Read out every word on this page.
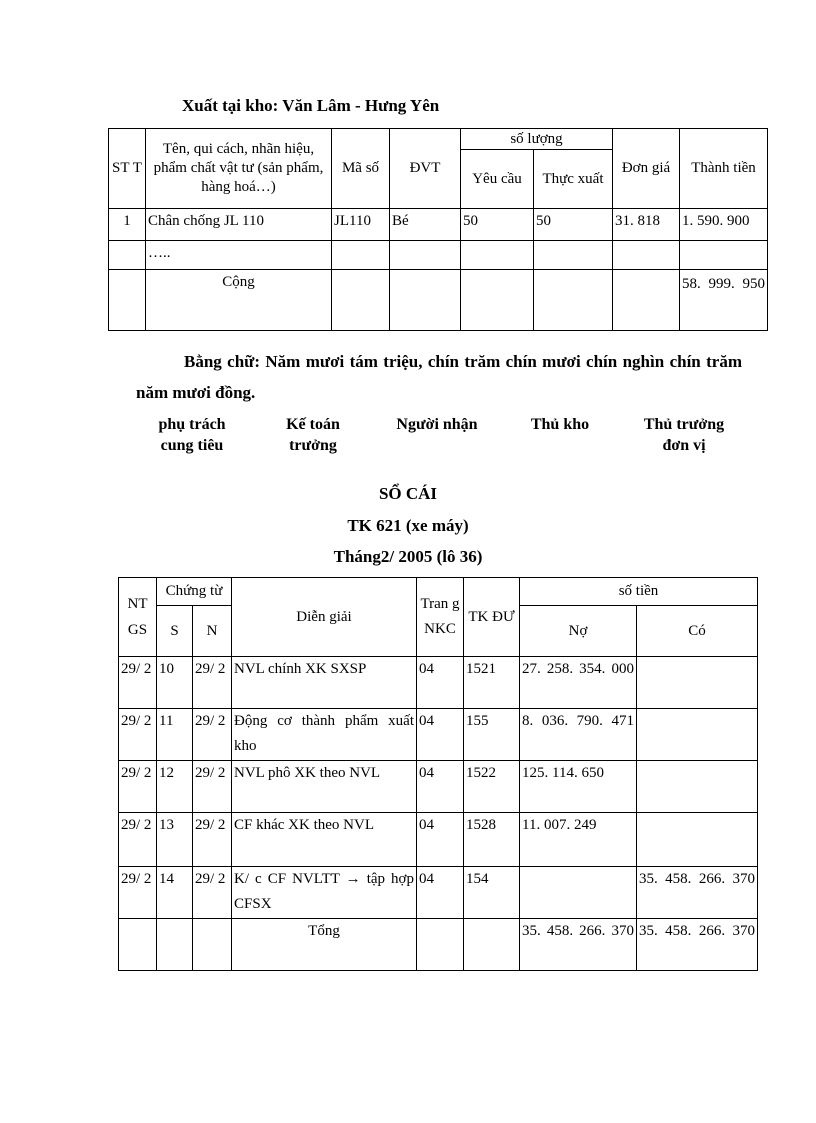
Xuất tại kho: Văn Lâm - Hưng Yên
ST T	Tên, qui cách, nhãn hiệu, phẩm chất vật tư (sản phẩm, hàng hoá…)	Mã số	ĐVT	số lượng		Đơn giá	Thành tiền
				Yêu cầu	Thực xuất		
1	Chân chống JL 110	JL110	Bé	50	50	31. 818	1. 590. 900
	…..						
	Cộng						58. 999. 950
Bằng chữ: Năm mươi tám triệu, chín trăm chín mươi chín nghìn chín trăm năm mươi đồng.
phụ trách cung tiêu
Kế toán trưởng
Người nhận	Thủ kho	Thủ trưởng đơn vị
SỔ CÁI
TK 621 (xe máy)
Tháng2/ 2005 (lô 36)
NT GS	Chứng từ		Diễn giải	Tran g NKC	TK ĐƯ	số tiền	
	S	N				Nợ	Có
29/ 2	10	29/ 2	NVL chính XK SXSP	04	1521	27. 258. 354. 000	
29/ 2	11	29/ 2	Động cơ thành phẩm xuất kho	04	155	8. 036. 790. 471	
29/ 2	12	29/ 2	NVL phô XK theo NVL	04	1522	125. 114. 650	
29/ 2	13	29/ 2	CF khác XK theo NVL	04	1528	11. 007. 249	
29/ 2	14	29/ 2	K/ c CF NVLTT → tập hợp CFSX	04	154		35. 458. 266. 370
			Tổng			35. 458. 266. 370	35. 458. 266. 370
